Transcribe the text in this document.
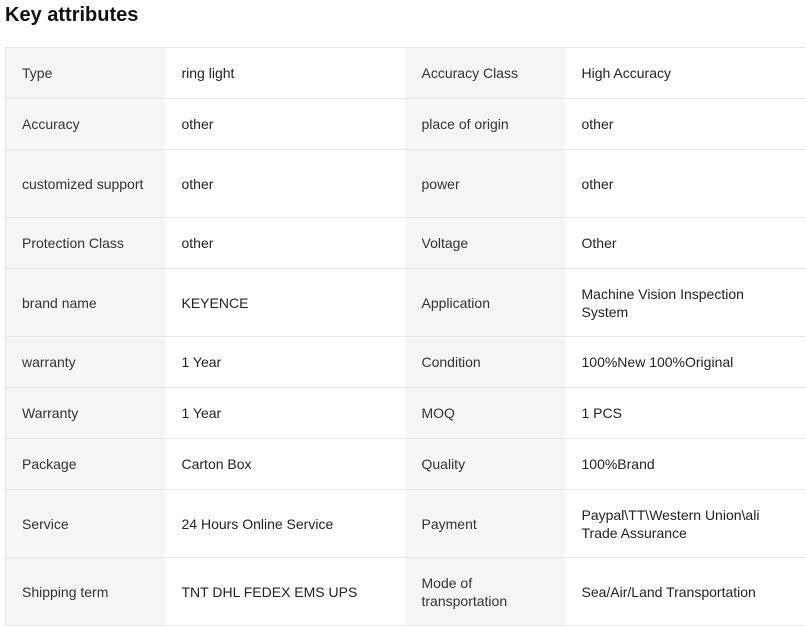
Key attributes
Type	ring light	Accuracy Class	High Accuracy
Accuracy	other	place of origin	other
customized support	other	power	other
Protection Class	other	Voltage	Other
brand name	KEYENCE	Application	Machine Vision Inspection System
warranty	1 Year	Condition	100%New 100%Original
Warranty	1 Year	MOQ	1 PCS
Package	Carton Box	Quality	100%Brand
Service	24 Hours Online Service	Payment	Paypal\TT\Western Union\ali Trade Assurance
Shipping term	TNT DHL FEDEX EMS UPS	Mode of transportation	Sea/Air/Land Transportation
